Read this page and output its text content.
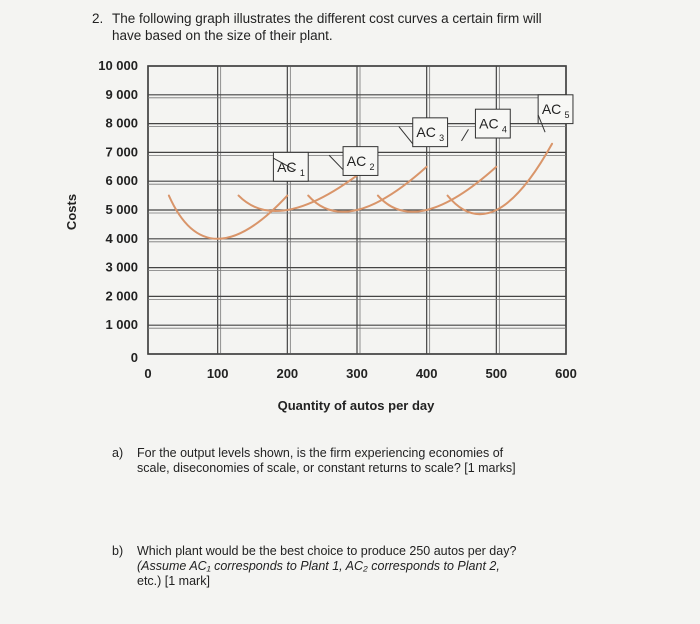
2. The following graph illustrates the different cost curves a certain firm will
have based on the size of their plant.
AC 1
AC 2
AC 3
AC 4
AC 5
0
1 000
2 000
3 000
4 000
5 000
6 000
7 000
8 000
9 000
10 000
0	100	200	300	400	500	600
Costs
Quantity of autos per day
a)	For the output levels shown, is the firm experiencing economies of
scale, diseconomies of scale, or constant returns to scale? [1 marks]
b)	Which plant would be the best choice to produce 250 autos per day?
(Assume AC₁ corresponds to Plant 1, AC₂ corresponds to Plant 2,
etc.) [1 mark]
